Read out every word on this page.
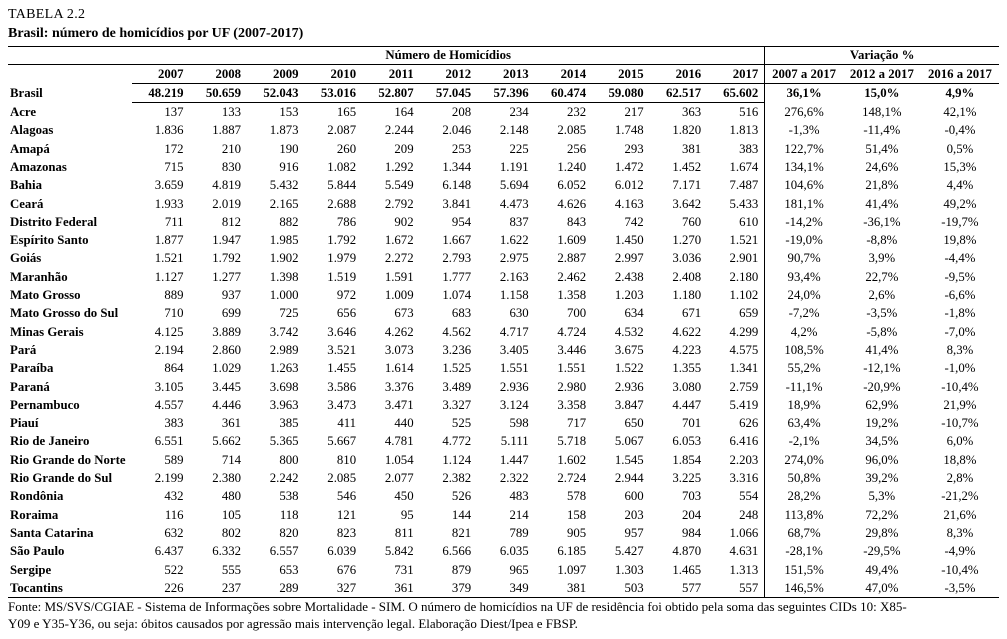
TABELA 2.2
Brasil: número de homicídios por UF (2007-2017)
	Número de Homicídios											Variação %		
	2007	2008	2009	2010	2011	2012	2013	2014	2015	2016	2017	2007 a 2017	2012 a 2017	2016 a 2017
Brasil	48.219	50.659	52.043	53.016	52.807	57.045	57.396	60.474	59.080	62.517	65.602	36,1%	15,0%	4,9%
Acre	137	133	153	165	164	208	234	232	217	363	516	276,6%	148,1%	42,1%
Alagoas	1.836	1.887	1.873	2.087	2.244	2.046	2.148	2.085	1.748	1.820	1.813	-1,3%	-11,4%	-0,4%
Amapá	172	210	190	260	209	253	225	256	293	381	383	122,7%	51,4%	0,5%
Amazonas	715	830	916	1.082	1.292	1.344	1.191	1.240	1.472	1.452	1.674	134,1%	24,6%	15,3%
Bahia	3.659	4.819	5.432	5.844	5.549	6.148	5.694	6.052	6.012	7.171	7.487	104,6%	21,8%	4,4%
Ceará	1.933	2.019	2.165	2.688	2.792	3.841	4.473	4.626	4.163	3.642	5.433	181,1%	41,4%	49,2%
Distrito Federal	711	812	882	786	902	954	837	843	742	760	610	-14,2%	-36,1%	-19,7%
Espírito Santo	1.877	1.947	1.985	1.792	1.672	1.667	1.622	1.609	1.450	1.270	1.521	-19,0%	-8,8%	19,8%
Goiás	1.521	1.792	1.902	1.979	2.272	2.793	2.975	2.887	2.997	3.036	2.901	90,7%	3,9%	-4,4%
Maranhão	1.127	1.277	1.398	1.519	1.591	1.777	2.163	2.462	2.438	2.408	2.180	93,4%	22,7%	-9,5%
Mato Grosso	889	937	1.000	972	1.009	1.074	1.158	1.358	1.203	1.180	1.102	24,0%	2,6%	-6,6%
Mato Grosso do Sul	710	699	725	656	673	683	630	700	634	671	659	-7,2%	-3,5%	-1,8%
Minas Gerais	4.125	3.889	3.742	3.646	4.262	4.562	4.717	4.724	4.532	4.622	4.299	4,2%	-5,8%	-7,0%
Pará	2.194	2.860	2.989	3.521	3.073	3.236	3.405	3.446	3.675	4.223	4.575	108,5%	41,4%	8,3%
Paraíba	864	1.029	1.263	1.455	1.614	1.525	1.551	1.551	1.522	1.355	1.341	55,2%	-12,1%	-1,0%
Paraná	3.105	3.445	3.698	3.586	3.376	3.489	2.936	2.980	2.936	3.080	2.759	-11,1%	-20,9%	-10,4%
Pernambuco	4.557	4.446	3.963	3.473	3.471	3.327	3.124	3.358	3.847	4.447	5.419	18,9%	62,9%	21,9%
Piauí	383	361	385	411	440	525	598	717	650	701	626	63,4%	19,2%	-10,7%
Rio de Janeiro	6.551	5.662	5.365	5.667	4.781	4.772	5.111	5.718	5.067	6.053	6.416	-2,1%	34,5%	6,0%
Rio Grande do Norte	589	714	800	810	1.054	1.124	1.447	1.602	1.545	1.854	2.203	274,0%	96,0%	18,8%
Rio Grande do Sul	2.199	2.380	2.242	2.085	2.077	2.382	2.322	2.724	2.944	3.225	3.316	50,8%	39,2%	2,8%
Rondônia	432	480	538	546	450	526	483	578	600	703	554	28,2%	5,3%	-21,2%
Roraima	116	105	118	121	95	144	214	158	203	204	248	113,8%	72,2%	21,6%
Santa Catarina	632	802	820	823	811	821	789	905	957	984	1.066	68,7%	29,8%	8,3%
São Paulo	6.437	6.332	6.557	6.039	5.842	6.566	6.035	6.185	5.427	4.870	4.631	-28,1%	-29,5%	-4,9%
Sergipe	522	555	653	676	731	879	965	1.097	1.303	1.465	1.313	151,5%	49,4%	-10,4%
Tocantins	226	237	289	327	361	379	349	381	503	577	557	146,5%	47,0%	-3,5%
Fonte: MS/SVS/CGIAE - Sistema de Informações sobre Mortalidade - SIM. O número de homicídios na UF de residência foi obtido pela soma das seguintes CIDs 10: X85-
Y09 e Y35-Y36, ou seja: óbitos causados por agressão mais intervenção legal. Elaboração Diest/Ipea e FBSP.
